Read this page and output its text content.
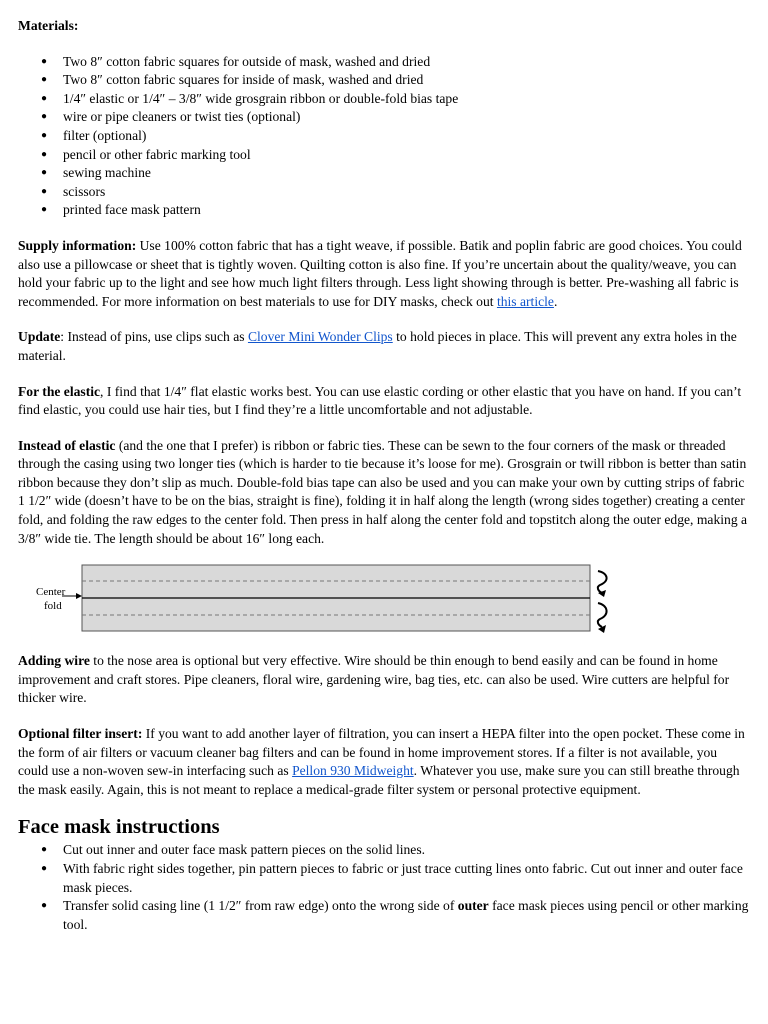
Materials:

● Two 8″ cotton fabric squares for outside of mask, washed and dried
● Two 8″ cotton fabric squares for inside of mask, washed and dried
● 1/4″ elastic or 1/4″ – 3/8″ wide grosgrain ribbon or double-fold bias tape
● wire or pipe cleaners or twist ties (optional)
● filter (optional)
● pencil or other fabric marking tool
● sewing machine
● scissors
● printed face mask pattern

Supply information: Use 100% cotton fabric that has a tight weave, if possible. Batik and poplin fabric are good choices. You could also use a pillowcase or sheet that is tightly woven. Quilting cotton is also fine. If you’re uncertain about the quality/weave, you can hold your fabric up to the light and see how much light filters through. Less light showing through is better. Pre-washing all fabric is recommended. For more information on best materials to use for DIY masks, check out this article.

Update: Instead of pins, use clips such as Clover Mini Wonder Clips to hold pieces in place. This will prevent any extra holes in the material.

For the elastic, I find that 1/4″ flat elastic works best. You can use elastic cording or other elastic that you have on hand. If you can’t find elastic, you could use hair ties, but I find they’re a little uncomfortable and not adjustable.

Instead of elastic (and the one that I prefer) is ribbon or fabric ties. These can be sewn to the four corners of the mask or threaded through the casing using two longer ties (which is harder to tie because it’s loose for me). Grosgrain or twill ribbon is better than satin ribbon because they don’t slip as much. Double-fold bias tape can also be used and you can make your own by cutting strips of fabric 1 1/2″ wide (doesn’t have to be on the bias, straight is fine), folding it in half along the length (wrong sides together) creating a center fold, and folding the raw edges to the center fold. Then press in half along the center fold and topstitch along the outer edge, making a 3/8″ wide tie. The length should be about 16″ long each.

Center
fold

Adding wire to the nose area is optional but very effective. Wire should be thin enough to bend easily and can be found in home improvement and craft stores. Pipe cleaners, floral wire, gardening wire, bag ties, etc. can also be used. Wire cutters are helpful for thicker wire.

Optional filter insert: If you want to add another layer of filtration, you can insert a HEPA filter into the open pocket. These come in the form of air filters or vacuum cleaner bag filters and can be found in home improvement stores. If a filter is not available, you could use a non-woven sew-in interfacing such as Pellon 930 Midweight. Whatever you use, make sure you can still breathe through the mask easily. Again, this is not meant to replace a medical-grade filter system or personal protective equipment.

Face mask instructions

● Cut out inner and outer face mask pattern pieces on the solid lines.
● With fabric right sides together, pin pattern pieces to fabric or just trace cutting lines onto fabric. Cut out inner and outer face mask pieces.
● Transfer solid casing line (1 1/2″ from raw edge) onto the wrong side of outer face mask pieces using pencil or other marking tool.
